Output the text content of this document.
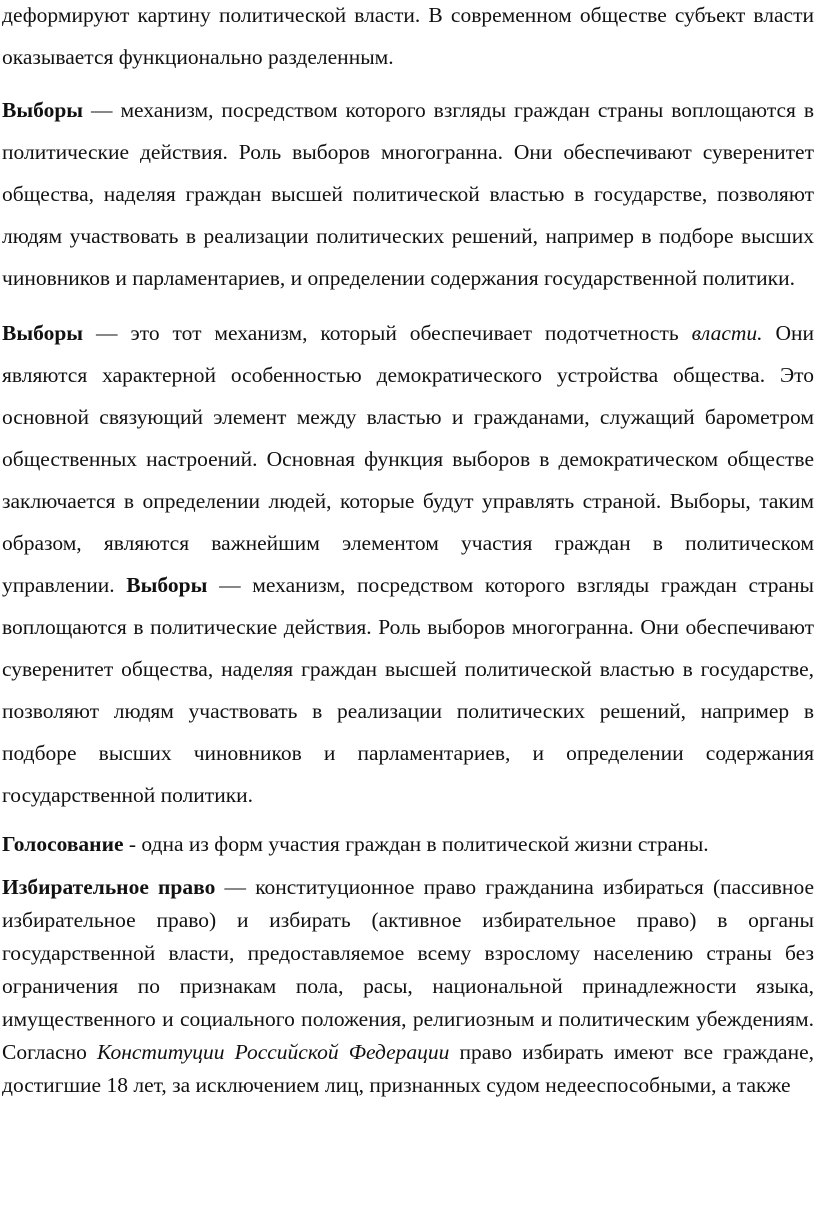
деформируют картину политической власти. В современном обществе субъект власти оказывается функционально разделенным.

Выборы — механизм, посредством которого взгляды граждан страны воплощаются в политические действия. Роль выборов многогранна. Они обеспечивают суверенитет общества, наделяя граждан высшей политической властью в государстве, позволяют людям участвовать в реализации политических решений, например в подборе высших чиновников и парламентариев, и определении содержания государственной политики.

Выборы — это тот механизм, который обеспечивает подотчетность власти. Они являются характерной особенностью демократического устройства общества. Это основной связующий элемент между властью и гражданами, служащий барометром общественных настроений. Основная функция выборов в демократическом обществе заключается в определении людей, которые будут управлять страной. Выборы, таким образом, являются важнейшим элементом участия граждан в политическом управлении. Выборы — механизм, посредством которого взгляды граждан страны воплощаются в политические действия. Роль выборов многогранна. Они обеспечивают суверенитет общества, наделяя граждан высшей политической властью в государстве, позволяют людям участвовать в реализации политических решений, например в подборе высших чиновников и парламентариев, и определении содержания государственной политики.

Голосование - одна из форм участия граждан в политической жизни страны.

Избирательное право — конституционное право гражданина избираться (пассивное избирательное право) и избирать (активное избирательное право) в органы государственной власти, предоставляемое всему взрослому населению страны без ограничения по признакам пола, расы, национальной принадлежности языка, имущественного и социального положения, религиозным и политическим убеждениям. Согласно Конституции Российской Федерации право избирать имеют все граждане, достигшие 18 лет, за исключением лиц, признанных судом недееспособными, а также
